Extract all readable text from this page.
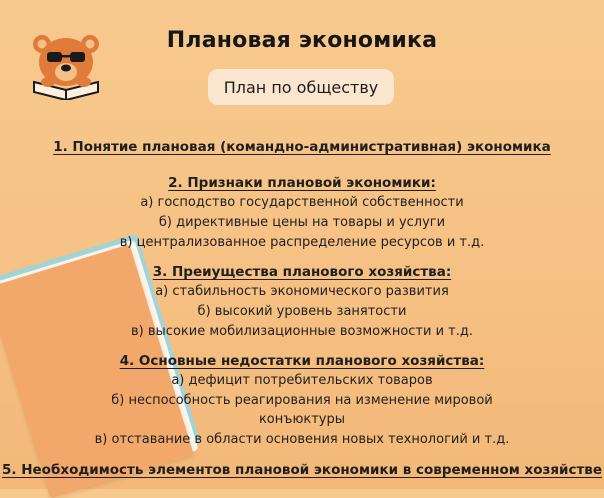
Плановая экономика
План по обществу
1. Понятие плановая (командно-административная) экономика
2. Признаки плановой экономики:
а) господство государственной собственности
б) директивные цены на товары и услуги
в) централизованное распределение ресурсов и т.д.
3. Преиущества планового хозяйства:
а) стабильность экономического развития
б) высокий уровень занятости
в) высокие мобилизационные возможности и т.д.
4. Основные недостатки планового хозяйства:
а) дефицит потребительских товаров
б) неспособность реагирования на изменение мировой
конъюктуры
в) отставание в области основения новых технологий и т.д.
5. Необходимость элементов плановой экономики в современном хозяйстве
